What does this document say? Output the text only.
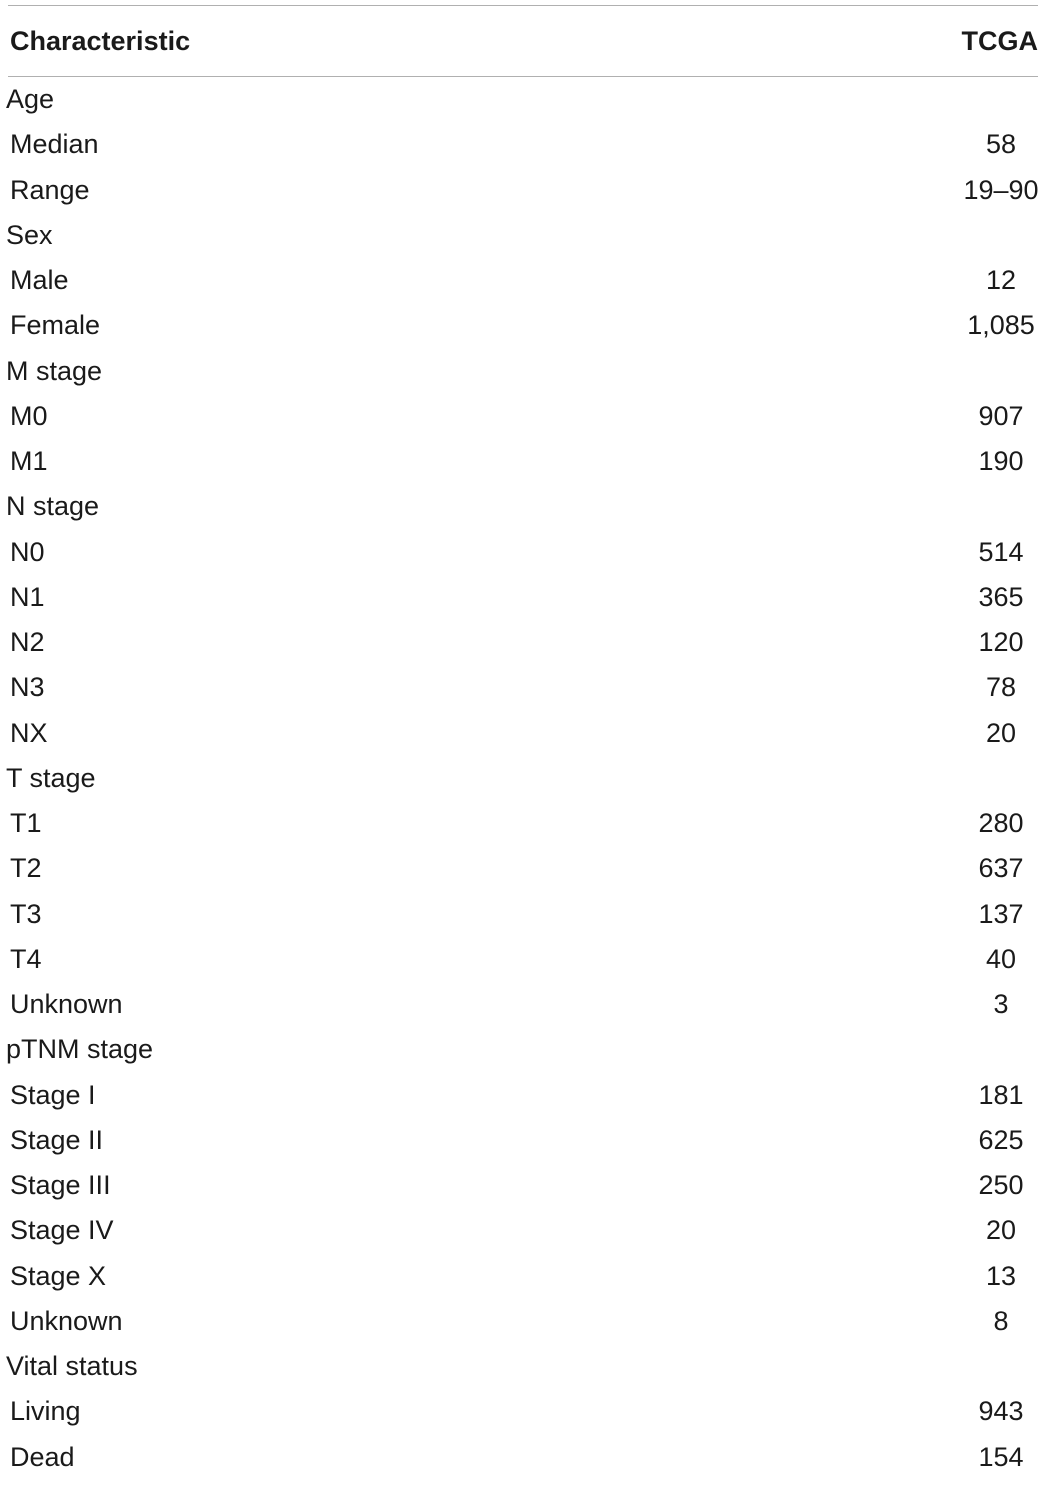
Characteristic	TCGA
Age
Median	58
Range	19–90
Sex
Male	12
Female	1,085
M stage
M0	907
M1	190
N stage
N0	514
N1	365
N2	120
N3	78
NX	20
T stage
T1	280
T2	637
T3	137
T4	40
Unknown	3
pTNM stage
Stage I	181
Stage II	625
Stage III	250
Stage IV	20
Stage X	13
Unknown	8
Vital status
Living	943
Dead	154
